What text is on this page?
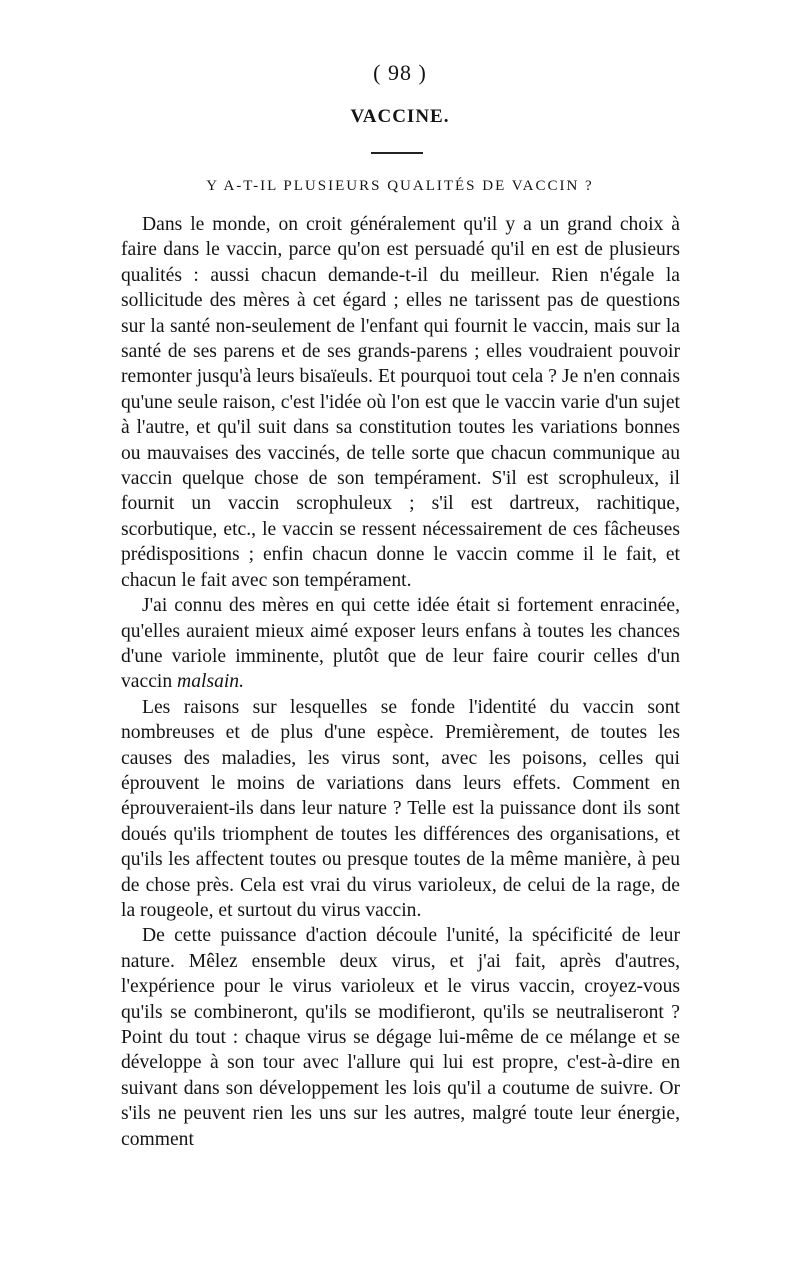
( 98 )
VACCINE.
Y A-T-IL PLUSIEURS QUALITÉS DE VACCIN ?

Dans le monde, on croit généralement qu'il y a un grand choix à faire dans le vaccin, parce qu'on est persuadé qu'il en est de plusieurs qualités : aussi chacun demande-t-il du meilleur. Rien n'égale la sollicitude des mères à cet égard ; elles ne tarissent pas de questions sur la santé non-seulement de l'enfant qui fournit le vaccin, mais sur la santé de ses parens et de ses grands-parens ; elles voudraient pouvoir remonter jusqu'à leurs bisaïeuls. Et pourquoi tout cela ? Je n'en connais qu'une seule raison, c'est l'idée où l'on est que le vaccin varie d'un sujet à l'autre, et qu'il suit dans sa constitution toutes les variations bonnes ou mauvaises des vaccinés, de telle sorte que chacun communique au vaccin quelque chose de son tempérament. S'il est scrophuleux, il fournit un vaccin scrophuleux ; s'il est dartreux, rachitique, scorbutique, etc., le vaccin se ressent nécessairement de ces fâcheuses prédispositions ; enfin chacun donne le vaccin comme il le fait, et chacun le fait avec son tempérament.

J'ai connu des mères en qui cette idée était si fortement enracinée, qu'elles auraient mieux aimé exposer leurs enfans à toutes les chances d'une variole imminente, plutôt que de leur faire courir celles d'un vaccin malsain.

Les raisons sur lesquelles se fonde l'identité du vaccin sont nombreuses et de plus d'une espèce. Premièrement, de toutes les causes des maladies, les virus sont, avec les poisons, celles qui éprouvent le moins de variations dans leurs effets. Comment en éprouveraient-ils dans leur nature ? Telle est la puissance dont ils sont doués qu'ils triomphent de toutes les différences des organisations, et qu'ils les affectent toutes ou presque toutes de la même manière, à peu de chose près. Cela est vrai du virus varioleux, de celui de la rage, de la rougeole, et surtout du virus vaccin.

De cette puissance d'action découle l'unité, la spécificité de leur nature. Mêlez ensemble deux virus, et j'ai fait, après d'autres, l'expérience pour le virus varioleux et le virus vaccin, croyez-vous qu'ils se combineront, qu'ils se modifieront, qu'ils se neutraliseront ? Point du tout : chaque virus se dégage lui-même de ce mélange et se développe à son tour avec l'allure qui lui est propre, c'est-à-dire en suivant dans son développement les lois qu'il a coutume de suivre. Or s'ils ne peuvent rien les uns sur les autres, malgré toute leur énergie, comment
